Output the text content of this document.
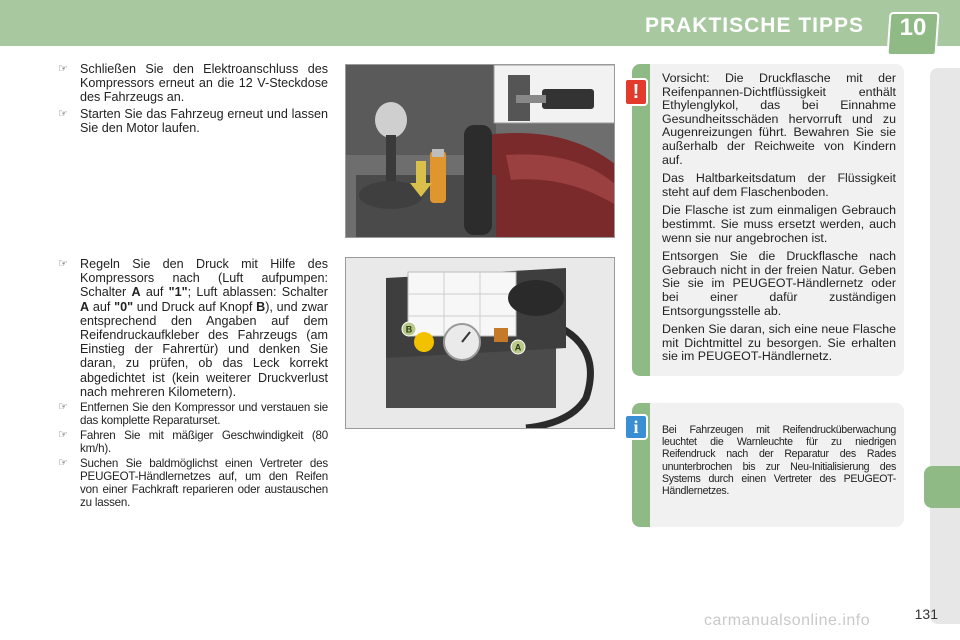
PRAKTISCHE TIPPS	10
☞ Schließen Sie den Elektroanschluss des Kompressors erneut an die 12 V-Steckdose des Fahrzeugs an.
☞ Starten Sie das Fahrzeug erneut und lassen Sie den Motor laufen.
☞ Regeln Sie den Druck mit Hilfe des Kompressors nach (Luft aufpumpen: Schalter A auf "1"; Luft ablassen: Schalter A auf "0" und Druck auf Knopf B), und zwar entsprechend den Angaben auf dem Reifendruckaufkleber des Fahrzeugs (am Einstieg der Fahrertür) und denken Sie daran, zu prüfen, ob das Leck korrekt abgedichtet ist (kein weiterer Druckverlust nach mehreren Kilometern).
☞ Entfernen Sie den Kompressor und verstauen sie das komplette Reparaturset.
☞ Fahren Sie mit mäßiger Geschwindigkeit (80 km/h).
☞ Suchen Sie baldmöglichst einen Vertreter des PEUGEOT-Händlernetzes auf, um den Reifen von einer Fachkraft reparieren oder austauschen zu lassen.
B
A
!

Vorsicht: Die Druckflasche mit der Reifenpannen-Dichtflüssigkeit enthält Ethylenglykol, das bei Einnahme Gesundheitsschäden hervorruft und zu Augenreizungen führt. Bewahren Sie sie außerhalb der Reichweite von Kindern auf.

Das Haltbarkeitsdatum der Flüssigkeit steht auf dem Flaschenboden.

Die Flasche ist zum einmaligen Gebrauch bestimmt. Sie muss ersetzt werden, auch wenn sie nur angebrochen ist.

Entsorgen Sie die Druckflasche nach Gebrauch nicht in der freien Natur. Geben Sie sie im PEUGEOT-Händlernetz oder bei einer dafür zuständigen Entsorgungsstelle ab.

Denken Sie daran, sich eine neue Flasche mit Dichtmittel zu besorgen. Sie erhalten sie im PEUGEOT-Händlernetz.

i	Bei Fahrzeugen mit Reifendrucküberwachung leuchtet die Warnleuchte für zu niedrigen Reifendruck nach der Reparatur des Rades ununterbrochen bis zur Neu-Initialisierung des Systems durch einen Vertreter des PEUGEOT-Händlernetzes.
131
carmanualsonline.info
